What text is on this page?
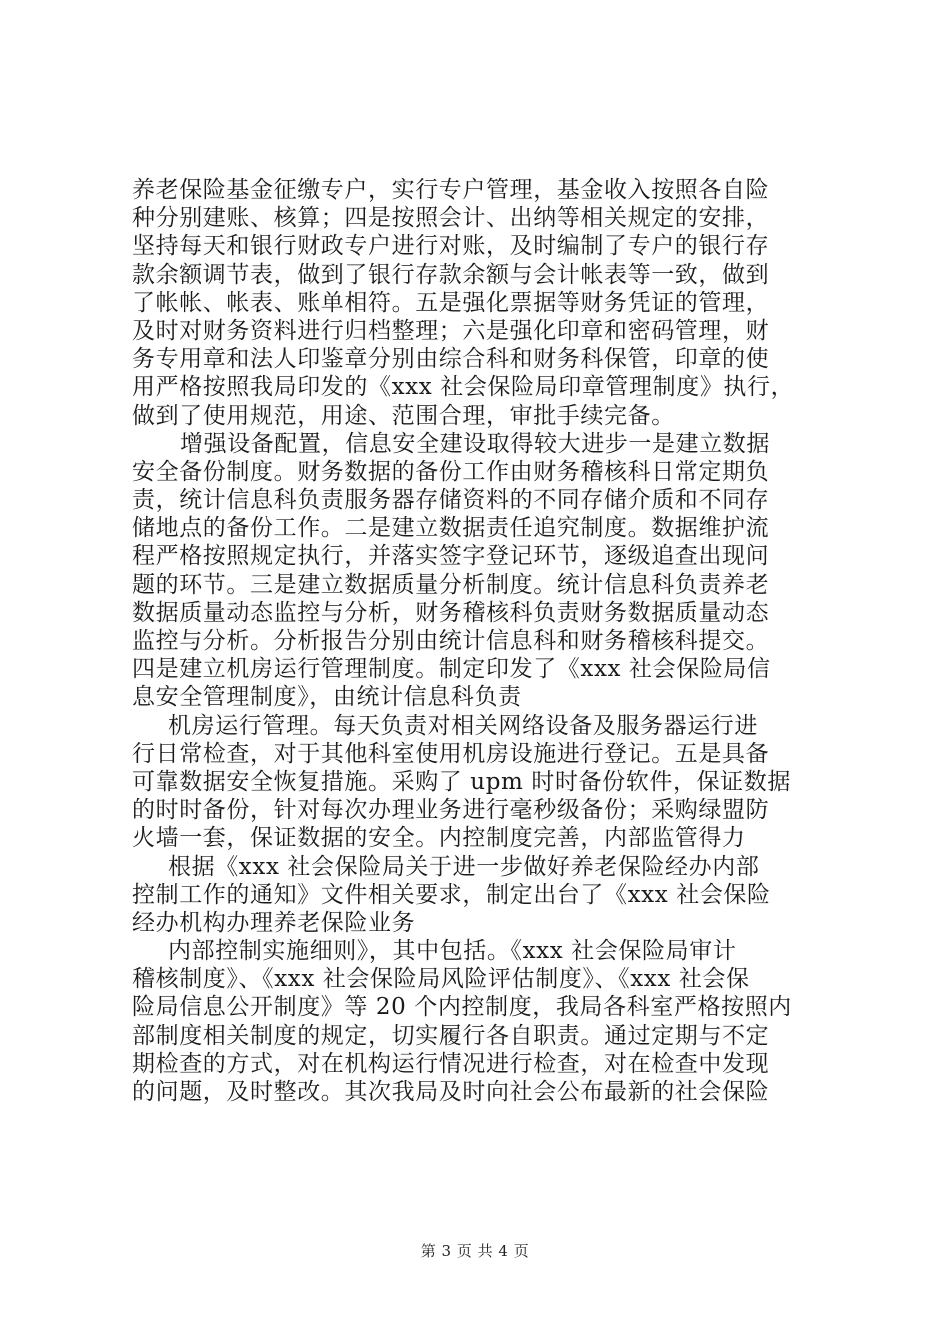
养老保险基金征缴专户，实行专户管理，基金收入按照各自险
种分别建账、核算；四是按照会计、出纳等相关规定的安排，
坚持每天和银行财政专户进行对账，及时编制了专户的银行存
款余额调节表，做到了银行存款余额与会计帐表等一致，做到
了帐帐、帐表、账单相符。五是强化票据等财务凭证的管理，
及时对财务资料进行归档整理；六是强化印章和密码管理，财
务专用章和法人印鉴章分别由综合科和财务科保管，印章的使
用严格按照我局印发的《xxx 社会保险局印章管理制度》执行，
做到了使用规范，用途、范围合理，审批手续完备。
增强设备配置，信息安全建设取得较大进步一是建立数据
安全备份制度。财务数据的备份工作由财务稽核科日常定期负
责，统计信息科负责服务器存储资料的不同存储介质和不同存
储地点的备份工作。二是建立数据责任追究制度。数据维护流
程严格按照规定执行，并落实签字登记环节，逐级追查出现问
题的环节。三是建立数据质量分析制度。统计信息科负责养老
数据质量动态监控与分析，财务稽核科负责财务数据质量动态
监控与分析。分析报告分别由统计信息科和财务稽核科提交。
四是建立机房运行管理制度。制定印发了《xxx 社会保险局信
息安全管理制度》，由统计信息科负责
机房运行管理。每天负责对相关网络设备及服务器运行进
行日常检查，对于其他科室使用机房设施进行登记。五是具备
可靠数据安全恢复措施。采购了 upm 时时备份软件，保证数据
的时时备份，针对每次办理业务进行毫秒级备份；采购绿盟防
火墙一套，保证数据的安全。内控制度完善，内部监管得力
根据《xxx 社会保险局关于进一步做好养老保险经办内部
控制工作的通知》文件相关要求，制定出台了《xxx 社会保险
经办机构办理养老保险业务
内部控制实施细则》，其中包括。《xxx 社会保险局审计
稽核制度》、《xxx 社会保险局风险评估制度》、《xxx 社会保
险局信息公开制度》等 20 个内控制度，我局各科室严格按照内
部制度相关制度的规定，切实履行各自职责。通过定期与不定
期检查的方式，对在机构运行情况进行检查，对在检查中发现
的问题，及时整改。其次我局及时向社会公布最新的社会保险
第 3 页 共 4 页
